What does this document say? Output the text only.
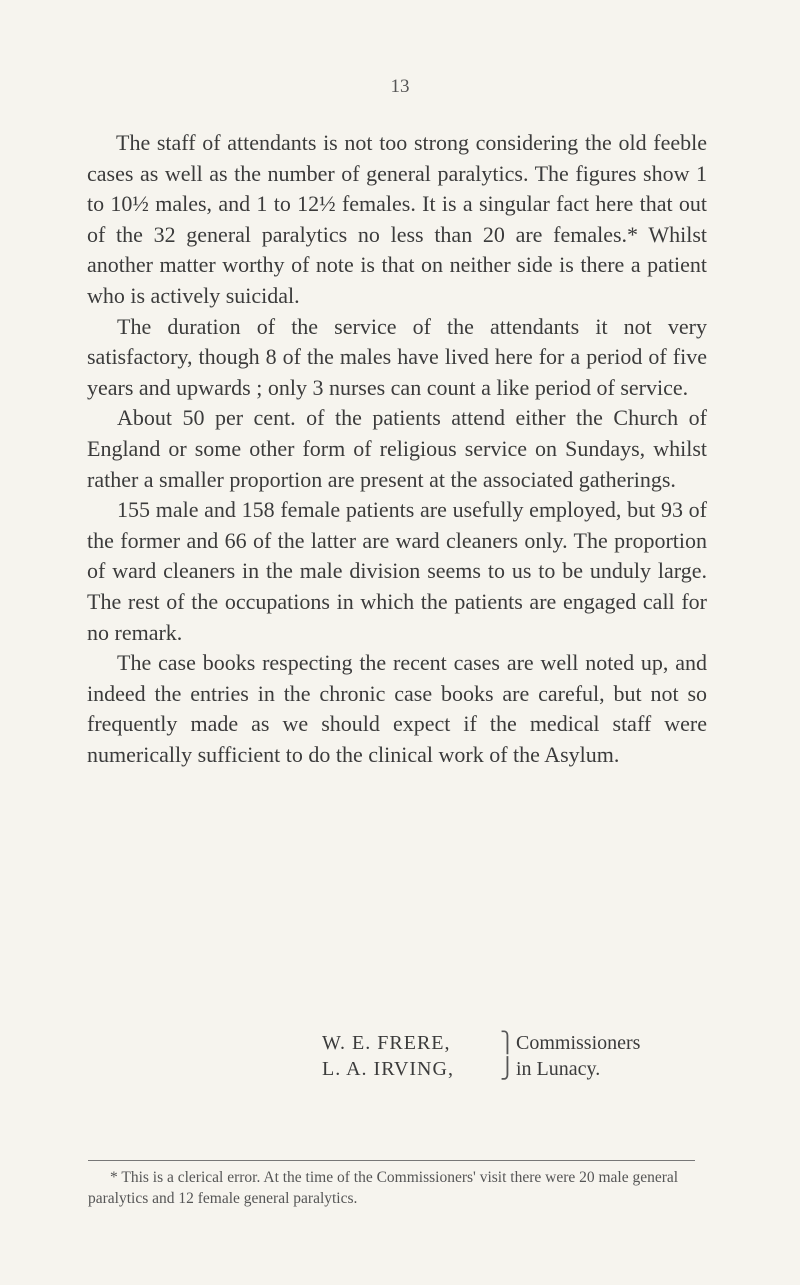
13

The staff of attendants is not too strong considering the old feeble cases as well as the number of general paralytics. The figures show 1 to 10½ males, and 1 to 12½ females. It is a singular fact here that out of the 32 general paralytics no less than 20 are females.* Whilst another matter worthy of note is that on neither side is there a patient who is actively suicidal.

The duration of the service of the attendants it not very satisfactory, though 8 of the males have lived here for a period of five years and upwards ; only 3 nurses can count a like period of service.

About 50 per cent. of the patients attend either the Church of England or some other form of religious service on Sundays, whilst rather a smaller proportion are present at the associated gatherings.

155 male and 158 female patients are usefully employed, but 93 of the former and 66 of the latter are ward cleaners only. The proportion of ward cleaners in the male division seems to us to be unduly large. The rest of the occupations in which the patients are engaged call for no remark.

The case books respecting the recent cases are well noted up, and indeed the entries in the chronic case books are careful, but not so frequently made as we should expect if the medical staff were numerically sufficient to do the clinical work of the Asylum.

W. E. FRERE,	⎫ Commissioners
L. A. IRVING,	⎭ in Lunacy.
* This is a clerical error. At the time of the Commissioners' visit there were 20 male general paralytics and 12 female general paralytics.
